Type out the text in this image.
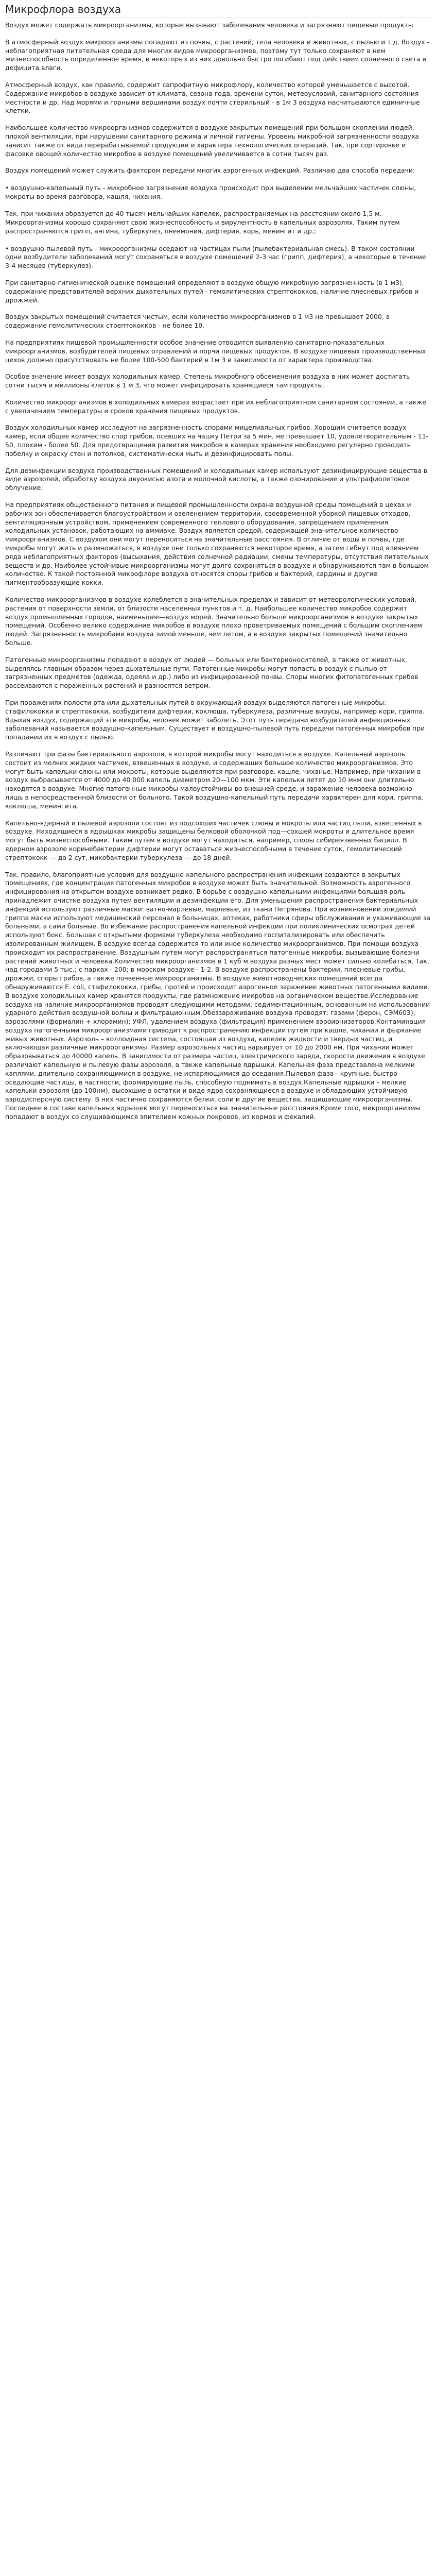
Микрофлора воздуха

Воздух может содержать микроорганизмы, которые вызывают заболевания человека и загрязняют пищевые продукты.

В атмосферный воздух микроорганизмы попадают из почвы, с растений, тела человека и животных, с пылью и т.д. Воздух - неблагоприятная питательная среда для многих видов микроорганизмов, поэтому тут только сохраняют в нем жизнеспособность определенное время, в некоторых из них довольно быстро погибают под действием солнечного света и дефицита влаги.

Атмосферный воздух, как правило, содержит сапрофитную микрофлору, количество которой уменьшается с высотой. Содержание микробов в воздухе зависит от климата, сезона года, времени суток, метеоусловий, санитарного состояния местности и др. Над морями и горными вершинами воздух почти стерильный - в 1м 3 воздуха насчитываются единичные клетки.

Наибольшее количество микроорганизмов содержится в воздухе закрытых помещений при большом скоплении людей, плохой вентиляции, при нарушении санитарного режима и личной гигиены. Уровень микробной загрязненности воздуха зависит также от вида перерабатываемой продукции и характера технологических операций. Так, при сортировке и фасовке овощей количество микробов в воздухе помещений увеличивается в сотни тысяч раз.

Воздух помещений может служить фактором передачи многих аэрогенных инфекций. Различаю два способа передачи:

• воздушно-капельный путь - микробное загрязнение воздуха происходит при выделении мельчайших частичек слюны, мокроты во время разговора, кашля, чихания.

Так, при чихании образуется до 40 тысяч мельчайших капелек, распространяемых на расстоянии около 1,5 м. Микроорганизмы хорошо сохраняют свою жизнеспособность и вирулентность в капельных аэрозолях. Таким путем распространяются грипп, ангина, туберкулез, пневмония, дифтерия, корь, менингит и др.;

• воздушно-пылевой путь - микроорганизмы оседают на частицах пыли (пылебактериальная смесь). В таком состоянии одни возбудители заболеваний могут сохраняться в воздухе помещений 2-3 час (грипп, дифтерия), а некоторые в течение 3-4 месяцев (туберкулез).

При санитарно-гигиенической оценке помещений определяют в воздухе общую микробную загрязненность (в 1 м3), содержание представителей верхних дыхательных путей - гемолитических стрептококков, наличие плесневых грибов и дрожжей.

Воздух закрытых помещений считается чистым, если количество микроорганизмов в 1 м3 не превышает 2000, а содержание гемолитических стрептококков - не более 10.

На предприятиях пищевой промышленности особое значение отводится выявлению санитарно-показательных микроорганизмов, возбудителей пищевых отравлений и порчи пищевых продуктов. В воздухе пищевых производственных цехов должно присутствовать не более 100-500 бактерий в 1м 3 в зависимости от характера производства.

Особое значение имеет воздух холодильных камер. Степень микробного обсеменения воздуха в них может достигать сотни тысяч и миллионы клеток в 1 м 3, что может инфицировать хранящиеся там продукты.

Количество микроорганизмов в холодильных камерах возрастает при их неблагоприятном санитарном состоянии, а также с увеличением температуры и сроков хранения пищевых продуктов.

Воздух холодильных камер исследуют на загрязненность спорами мицелиальных грибов. Хорошим считается воздух камер, если общее количество спор грибов, осевших на чашку Петри за 5 мин, не превышает 10, удовлетворительным - 11-50, плохим - более 50. Для предотвращения развития микробов в камерах хранения необходимо регулярно проводить побелку и окраску стен и потолков, систематически мыть и дезинфицировать полы.

Для дезинфекции воздуха производственных помещений и холодильных камер используют дезинфицирующие вещества в виде аэрозолей, обработку воздуха двуокисью азота и молочной кислоты, а также озонирование и ультрафиолетовое облучение.

На предприятиях общественного питания и пищевой промышленности охрана воздушной среды помещений в цехах и рабочих зон обеспечивается благоустройством и озеленением территории, своевременной уборкой пищевых отходов, вентиляционным устройством, применением современного теплового оборудования, запрещением применения холодильных установок, работающих на аммиаке. Воздух является средой, содержащей значительное количество микроорганизмов. С воздухом они могут переноситься на значительные расстояния. В отличие от воды и почвы, где микробы могут жить и размножаться, в воздухе они только сохраняются некоторое время, а затем гибнут под влиянием ряда неблагоприятных факторов (высыхания, действия солнечной радиации, смены температуры, отсутствия питательных веществ и др. Наиболее устойчивые микроорганизмы могут долго сохраняться в воздухе и обнаруживаются там в большом количестве. К такой постоянной микрофлоре воздуха относятся споры грибов и бактерий, сардины и другие пигментообразующие кокки.

Количество микроорганизмов в воздухе колеблется в значительных пределах и зависит от метеорологических условий, растения от поверхности земли, от близости населенных пунктов и т. д. Наибольшее количество микробов содержит воздух промышленных городов, наименьшее—воздух морей. Значительно больше микроорганизмов в воздухе закрытых помещений. Особенно велико содержание микробов в воздухе плохо проветриваемых помещений с большим скоплением людей. Загрязненность микробами воздуха зимой меньше, чем летом, а в воздухе закрытых помещений значительно больше.

Патогенные микроорганизмы попадают в воздух от людей — больных или бактерионосителей, а также от животных, выделяясь главным образом через дыхательные пути. Патогенные микробы могут попасть в воздух с пылью от загрязненных предметов (одежда, одеяла и др.) либо из инфицированной почвы. Споры многих фитопатогенных грибов рассеиваются с пораженных растений и разносятся ветром.

При поражениях полости рта или дыхательных путей в окружающий воздух выделяются патогенные микробы: стафилококки и стрептококки, возбудители дифтерии, коклюша, туберкулеза, различные вирусы, например кори, гриппа. Вдыхая воздух, содержащий эти микробы, человек может заболеть. Этот путь передачи возбудителей инфекционных заболеваний называется воздушно-капельным. Существует и воздушно-пылевой путь передачи патогенных микробов при попадании их в воздух с пылью.

Различают три фазы бактериального аэрозоля, в которой микробы могут находиться в воздухе. Капельный аэрозоль состоит из мелких жидких частичек, взвешенных в воздухе, и содержащих большое количество микроорганизмов. Это могут быть капельки слюны или мокроты, которые выделяются при разговоре, кашле, чиханье. Например, при чихании в воздух выбрасывается от 4000 до 40 000 капель диаметром 20—100 мкм. Эти капельки летят до 10 мкм они длительно находятся в воздухе. Многие патогенные микробы малоустойчивы во внешней среде, и заражение человека возможно лишь в непосредственной близости от больного. Такой воздушно-капельный путь передачи характерен для кори, гриппа, коклюша, менингита.

Капельно-ядерный и пылевой аэрозоли состоят из подсохших частичек слюны и мокроты или частиц пыли, взвешенных в воздухе. Находящиеся в ядрышках микробы защищены белковой оболочкой под—сохшей мокроты и длительное время могут быть жизнеспособными. Таким путем в воздухе могут находиться, например, споры сибиреязвенных бацилл. В ядерном аэрозоле коринебактерии дифтерии могут оставаться жизнеспособными в течение суток, гемолитический стрептококк — до 2 сут, микобактерии туберкулеза — до 18 дней.

Так, правило, благоприятные условия для воздушно-капельного распространения инфекции создаются в закрытых помещениях, где концентрация патогенных микробов в воздухе может быть значительной. Возможность аэрогенного инфицирования на открытом воздухе возникает редко. В борьбе с воздушно-капельными инфекциями большая роль принадлежит очистке воздуха путем вентиляции и дезинфекции его. Для уменьшения распространения бактериальных инфекций используют различные маски: ватно-марлевые, марлевые, из ткани Петрянова. При возникновении эпидемий гриппа маски используют медицинский персонал в больницах, аптеках, работники сферы обслуживания и ухаживающие за больными, а сами больные. Во избежание распространения капельной инфекции при поликлинических осмотрах детей используют бокс. Большая с открытыми формами туберкулеза необходимо госпитализировать или обеспечить изолированным жилищем. В воздухе всегда содержится то или иное количество микроорганизмов. При помощи воздуха происходит их распространение. Воздушным путем могут распространяться патогенные микробы, вызывающие болезни растений животных и человека.Количество микроорганизмов в 1 куб м воздуха разных мест может сильно колебаться. Так, над городами 5 тыс.; с парках - 200; в морском воздухе - 1-2. В воздухе распространены бактерии, плесневые грибы, дрожжи, споры грибов, а также почвенные микроорганизмы. В воздухе животноводческих помещений всегда обнаруживаются E. coli, стафилококки, грибы, протей и происходит аэрогенное заражение животных патогенными видами. В воздухе холодильных камер хранятся продукты, где размножение микробов на органическом веществе.Исследование воздуха на наличие микроорганизмов проводят следующими методами: седиментационным, основанным на использовании ударного действия воздушной волны и фильтрационным.Обеззараживание воздуха проводят: газами (ферон, СЭМ603); аэрозолями (формалин + хлорамин); УФЛ; удалением воздуха (фильтрация) применением аэроионизаторов.Контаминация воздуха патогенными микроорганизмами приводит к распространению инфекции путем при кашле, чихании и фыркание живых животных. Аэрозоль – коллоидная система, состоящая из воздуха, капелек жидкости и твердых частиц, и включающая различные микроорганизмы. Размер аэрозольных частиц варьирует от 10 до 2000 нм. При чихании может образовываться до 40000 капель. В зависимости от размера частиц, электрического заряда, скорости движения в воздухе различают капельную и пылевую фазы аэрозоля, а также капельные ядрышки. Капельная фаза представлена мелкими каплями, длительно сохраняющимися в воздухе, не испаряющимися до оседания.Пылевая фаза - крупные, быстро оседающие частицы, в частности, формирующие пыль, способную поднимать в воздух.Капельные ядрышки – мелкие капельки аэрозоля (до 100нм), высохшие в остатки и виде ядра сохраняющиеся в воздухе и обладающих устойчивую аэродисперсную систему. В них частично сохраняются белки, соли и другие вещества, защищающие микроорганизмы. Последнее в составе капельных ядрышек могут переноситься на значительные расстояния.Кроме того, микроорганизмы попадают в воздух со слущивающимся эпителием кожных покровов, из кормов и фекалий.
